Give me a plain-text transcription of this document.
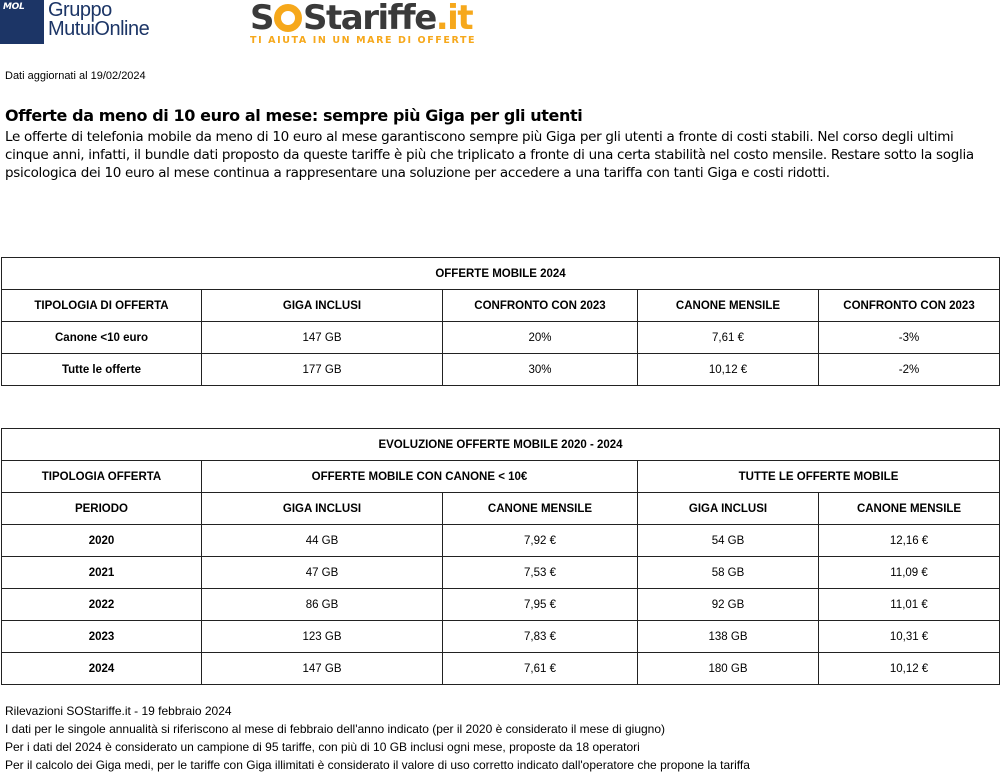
MOL	Gruppo
MutuiOnline	S S tariffe .it
TI AIUTA IN UN MARE DI OFFERTE
Dati aggiornati al 19/02/2024
Offerte da meno di 10 euro al mese: sempre più Giga per gli utenti
Le offerte di telefonia mobile da meno di 10 euro al mese garantiscono sempre più Giga per gli utenti a fronte di costi stabili. Nel corso degli ultimi cinque anni, infatti, il bundle dati proposto da queste tariffe è più che triplicato a fronte di una certa stabilità nel costo mensile. Restare sotto la soglia psicologica dei 10 euro al mese continua a rappresentare una soluzione per accedere a una tariffa con tanti Giga e costi ridotti.
OFFERTE MOBILE 2024				
TIPOLOGIA DI OFFERTA	GIGA INCLUSI	CONFRONTO CON 2023	CANONE MENSILE	CONFRONTO CON 2023
Canone <10 euro	147 GB	20%	7,61 €	-3%
Tutte le offerte	177 GB	30%	10,12 €	-2%
EVOLUZIONE OFFERTE MOBILE 2020 - 2024				
TIPOLOGIA OFFERTA	OFFERTE MOBILE CON CANONE < 10€		TUTTE LE OFFERTE MOBILE	
PERIODO	GIGA INCLUSI	CANONE MENSILE	GIGA INCLUSI	CANONE MENSILE
2020	44 GB	7,92 €	54 GB	12,16 €
2021	47 GB	7,53 €	58 GB	11,09 €
2022	86 GB	7,95 €	92 GB	11,01 €
2023	123 GB	7,83 €	138 GB	10,31 €
2024	147 GB	7,61 €	180 GB	10,12 €
Rilevazioni SOStariffe.it - 19 febbraio 2024
I dati per le singole annualità si riferiscono al mese di febbraio dell'anno indicato (per il 2020 è considerato il mese di giugno)
Per i dati del 2024 è considerato un campione di 95 tariffe, con più di 10 GB inclusi ogni mese, proposte da 18 operatori
Per il calcolo dei Giga medi, per le tariffe con Giga illimitati è considerato il valore di uso corretto indicato dall'operatore che propone la tariffa
